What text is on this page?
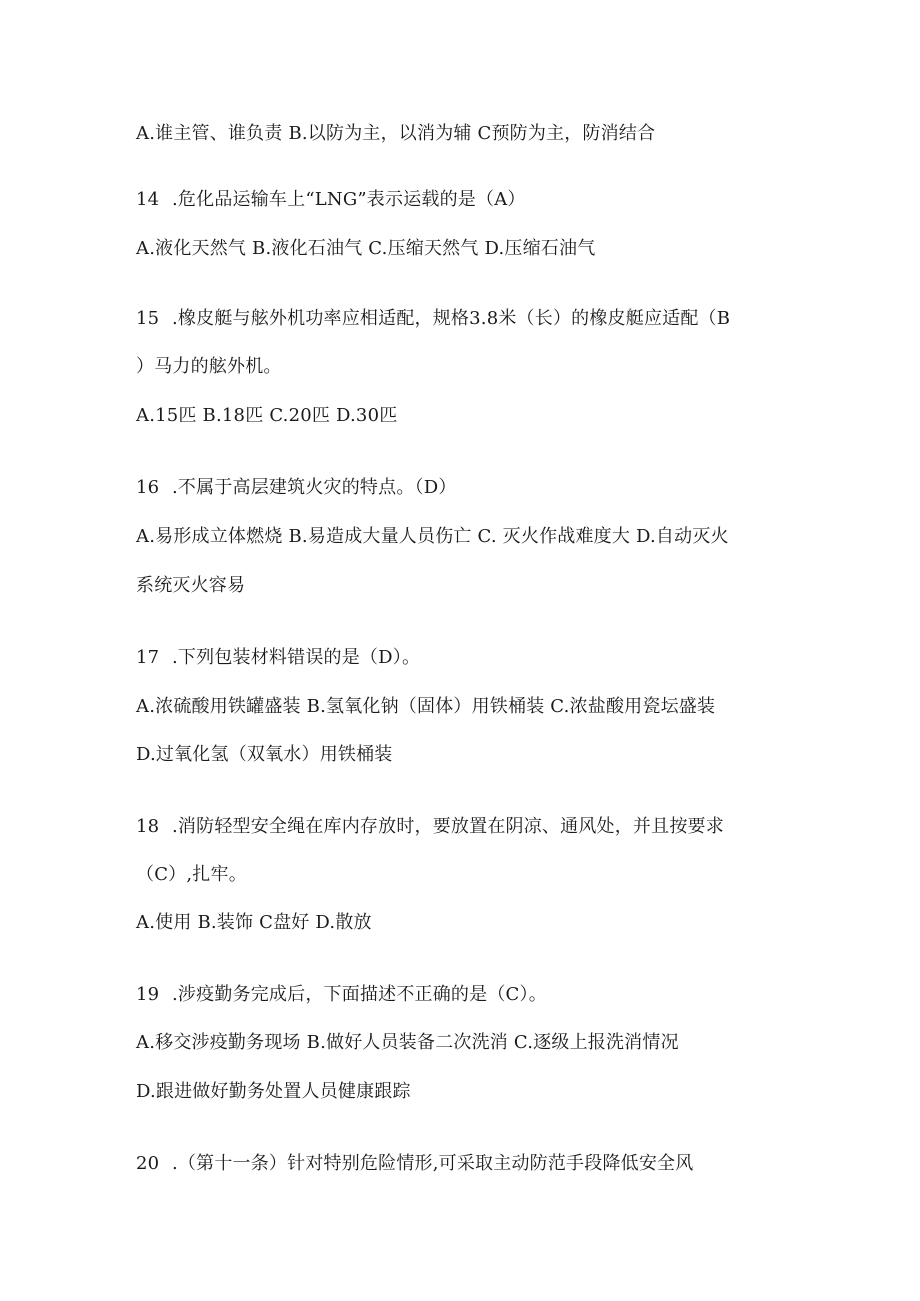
A.谁主管、谁负责 B.以防为主，以消为辅 C预防为主，防消结合
14 .危化品运输车上“LNG”表示运载的是（A）
A.液化天然气 B.液化石油气 C.压缩天然气 D.压缩石油气
15 .橡皮艇与舷外机功率应相适配，规格3.8米（长）的橡皮艇应适配（B
）马力的舷外机。
A.15匹 B.18匹 C.20匹 D.30匹
16 .不属于高层建筑火灾的特点。（D）
A.易形成立体燃烧 B.易造成大量人员伤亡 C. 灭火作战难度大 D.自动灭火
系统灭火容易
17 .下列包装材料错误的是（D）。
A.浓硫酸用铁罐盛装 B.氢氧化钠（固体）用铁桶装 C.浓盐酸用瓷坛盛装
D.过氧化氢（双氧水）用铁桶装
18 .消防轻型安全绳在库内存放时，要放置在阴凉、通风处，并且按要求
（C）,扎牢。
A.使用 B.装饰 C盘好 D.散放
19 .涉疫勤务完成后，下面描述不正确的是（C）。
A.移交涉疫勤务现场 B.做好人员装备二次洗消 C.逐级上报洗消情况
D.跟进做好勤务处置人员健康跟踪
20 .（第十一条）针对特别危险情形,可采取主动防范手段降低安全风
